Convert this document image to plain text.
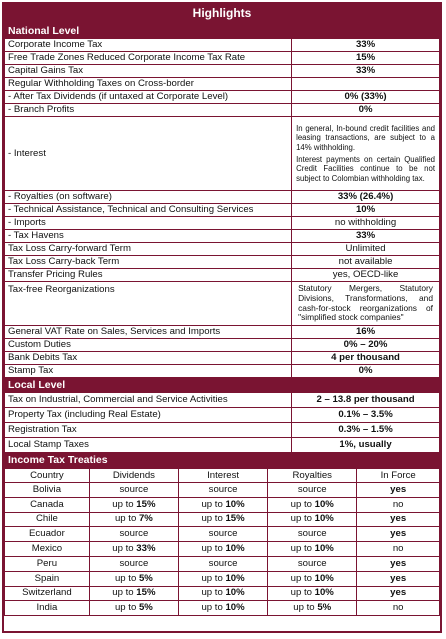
Highlights
National Level	
Corporate Income Tax	33%
Free Trade Zones Reduced Corporate Income Tax Rate	15%
Capital Gains Tax	33%
Regular Withholding Taxes on Cross-border	
- After Tax Dividends (if untaxed at Corporate Level)	0% (33%)
- Branch Profits	0%
- Interest	In general, In-bound credit facilities and leasing transactions, are subject to a 14% withholding.

Interest payments on certain Qualified Credit Facilities continue to be not subject to Colombian withholding tax.

- Royalties (on software)	33% (26.4%)
- Technical Assistance, Technical and Consulting Services	10%
- Imports	no withholding
- Tax Havens	33%
Tax Loss Carry-forward Term	Unlimited
Tax Loss Carry-back Term	not available
Transfer Pricing Rules	yes, OECD-like
Tax-free Reorganizations	Statutory Mergers, Statutory Divisions, Transformations, and cash-for-stock reorganizations of "simplified stock companies"
General VAT Rate on Sales, Services and Imports	16%
Custom Duties	0% – 20%
Bank Debits Tax	4 per thousand
Stamp Tax	0%
Local Level	
Tax on Industrial, Commercial and Service Activities	2 – 13.8 per thousand
Property Tax (including Real Estate)	0.1% – 3.5%
Registration Tax	0.3% – 1.5%
Local Stamp Taxes	1%, usually
Income Tax Treaties	
Country	Dividends	Interest	Royalties	In Force
Bolivia	source	source	source	yes
Canada	up to 15%	up to 10%	up to 10%	no
Chile	up to 7%	up to 15%	up to 10%	yes
Ecuador	source	source	source	yes
Mexico	up to 33%	up to 10%	up to 10%	no
Peru	source	source	source	yes
Spain	up to 5%	up to 10%	up to 10%	yes
Switzerland	up to 15%	up to 10%	up to 10%	yes
India	up to 5%	up to 10%	up to 5%	no
